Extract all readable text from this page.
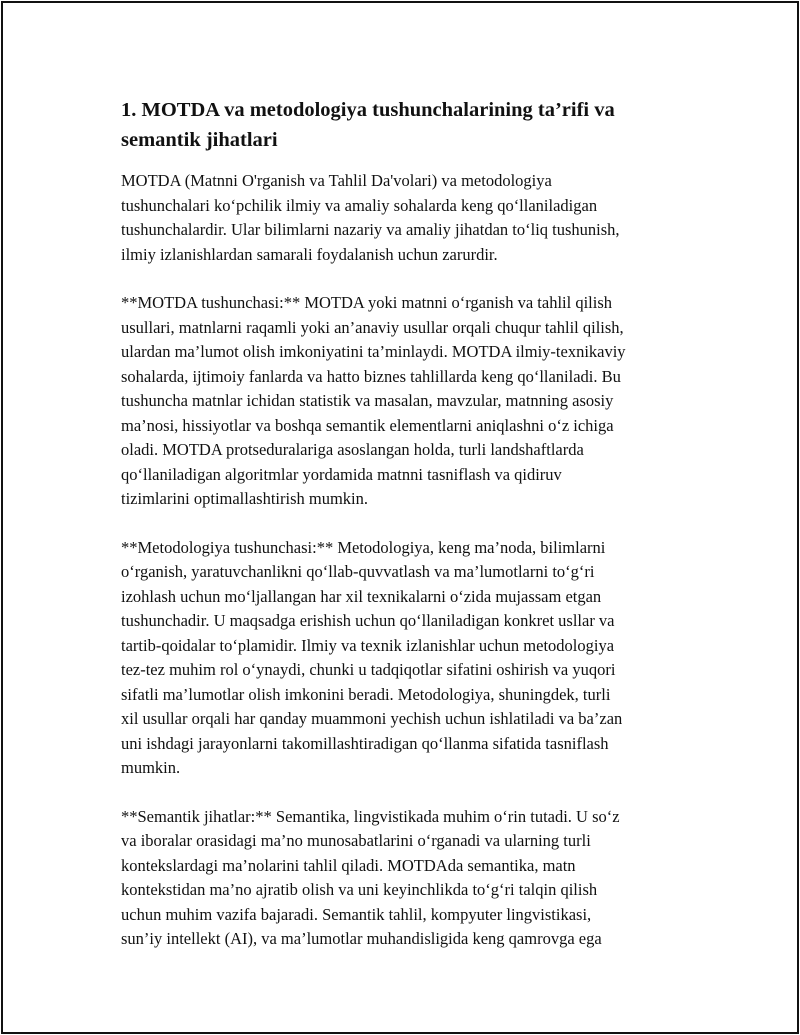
1. MOTDA va metodologiya tushunchalarining ta’rifi va semantik jihatlari

MOTDA (Matnni O'rganish va Tahlil Da'volari) va metodologiya
tushunchalari koʻpchilik ilmiy va amaliy sohalarda keng qoʻllaniladigan
tushunchalardir. Ular bilimlarni nazariy va amaliy jihatdan toʻliq tushunish,
ilmiy izlanishlardan samarali foydalanish uchun zarurdir.

**MOTDA tushunchasi:** MOTDA yoki matnni oʻrganish va tahlil qilish
usullari, matnlarni raqamli yoki an’anaviy usullar orqali chuqur tahlil qilish,
ulardan ma’lumot olish imkoniyatini ta’minlaydi. MOTDA ilmiy-texnikaviy
sohalarda, ijtimoiy fanlarda va hatto biznes tahlillarda keng qoʻllaniladi. Bu
tushuncha matnlar ichidan statistik va masalan, mavzular, matnning asosiy
ma’nosi, hissiyotlar va boshqa semantik elementlarni aniqlashni oʻz ichiga
oladi. MOTDA protseduralariga asoslangan holda, turli landshaftlarda
qoʻllaniladigan algoritmlar yordamida matnni tasniflash va qidiruv
tizimlarini optimallashtirish mumkin.

**Metodologiya tushunchasi:** Metodologiya, keng ma’noda, bilimlarni
oʻrganish, yaratuvchanlikni qoʻllab-quvvatlash va ma’lumotlarni toʻgʻri
izohlash uchun moʻljallangan har xil texnikalarni oʻzida mujassam etgan
tushunchadir. U maqsadga erishish uchun qoʻllaniladigan konkret usllar va
tartib-qoidalar toʻplamidir. Ilmiy va texnik izlanishlar uchun metodologiya
tez-tez muhim rol oʻynaydi, chunki u tadqiqotlar sifatini oshirish va yuqori
sifatli ma’lumotlar olish imkonini beradi. Metodologiya, shuningdek, turli
xil usullar orqali har qanday muammoni yechish uchun ishlatiladi va ba’zan
uni ishdagi jarayonlarni takomillashtiradigan qoʻllanma sifatida tasniflash
mumkin.

**Semantik jihatlar:** Semantika, lingvistikada muhim oʻrin tutadi. U soʻz
va iboralar orasidagi ma’no munosabatlarini oʻrganadi va ularning turli
kontekslardagi ma’nolarini tahlil qiladi. MOTDAda semantika, matn
kontekstidan ma’no ajratib olish va uni keyinchlikda toʻgʻri talqin qilish
uchun muhim vazifa bajaradi. Semantik tahlil, kompyuter lingvistikasi,
sun’iy intellekt (AI), va ma’lumotlar muhandisligida keng qamrovga ega
